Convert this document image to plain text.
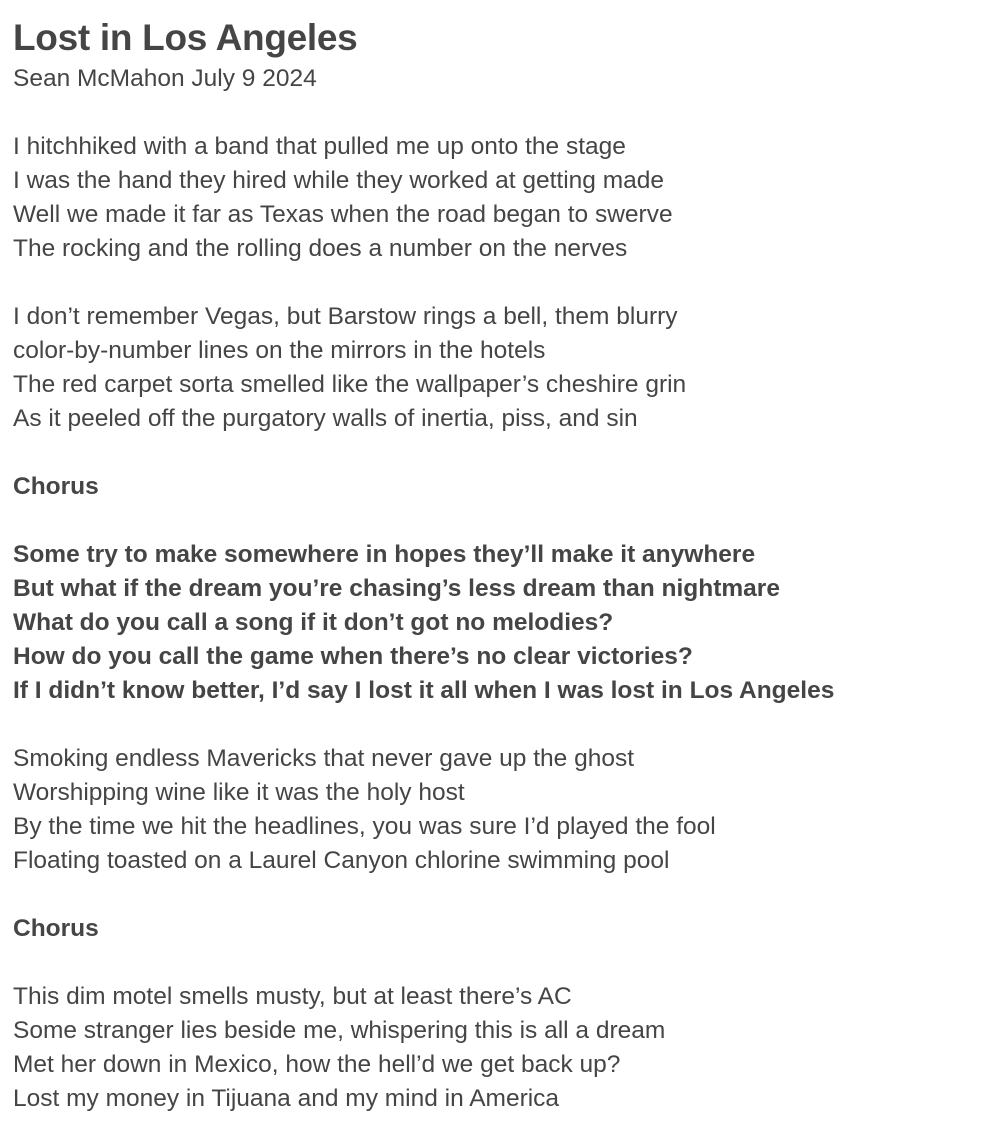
Lost in Los Angeles

Sean McMahon July 9 2024

I hitchhiked with a band that pulled me up onto the stage

I was the hand they hired while they worked at getting made

Well we made it far as Texas when the road began to swerve

The rocking and the rolling does a number on the nerves

I don’t remember Vegas, but Barstow rings a bell, them blurry

color-by-number lines on the mirrors in the hotels

The red carpet sorta smelled like the wallpaper’s cheshire grin

As it peeled off the purgatory walls of inertia, piss, and sin

Chorus

Some try to make somewhere in hopes they’ll make it anywhere

But what if the dream you’re chasing’s less dream than nightmare

What do you call a song if it don’t got no melodies?

How do you call the game when there’s no clear victories?

If I didn’t know better, I’d say I lost it all when I was lost in Los Angeles

Smoking endless Mavericks that never gave up the ghost

Worshipping wine like it was the holy host

By the time we hit the headlines, you was sure I’d played the fool

Floating toasted on a Laurel Canyon chlorine swimming pool

Chorus

This dim motel smells musty, but at least there’s AC

Some stranger lies beside me, whispering this is all a dream

Met her down in Mexico, how the hell’d we get back up?

Lost my money in Tijuana and my mind in America
